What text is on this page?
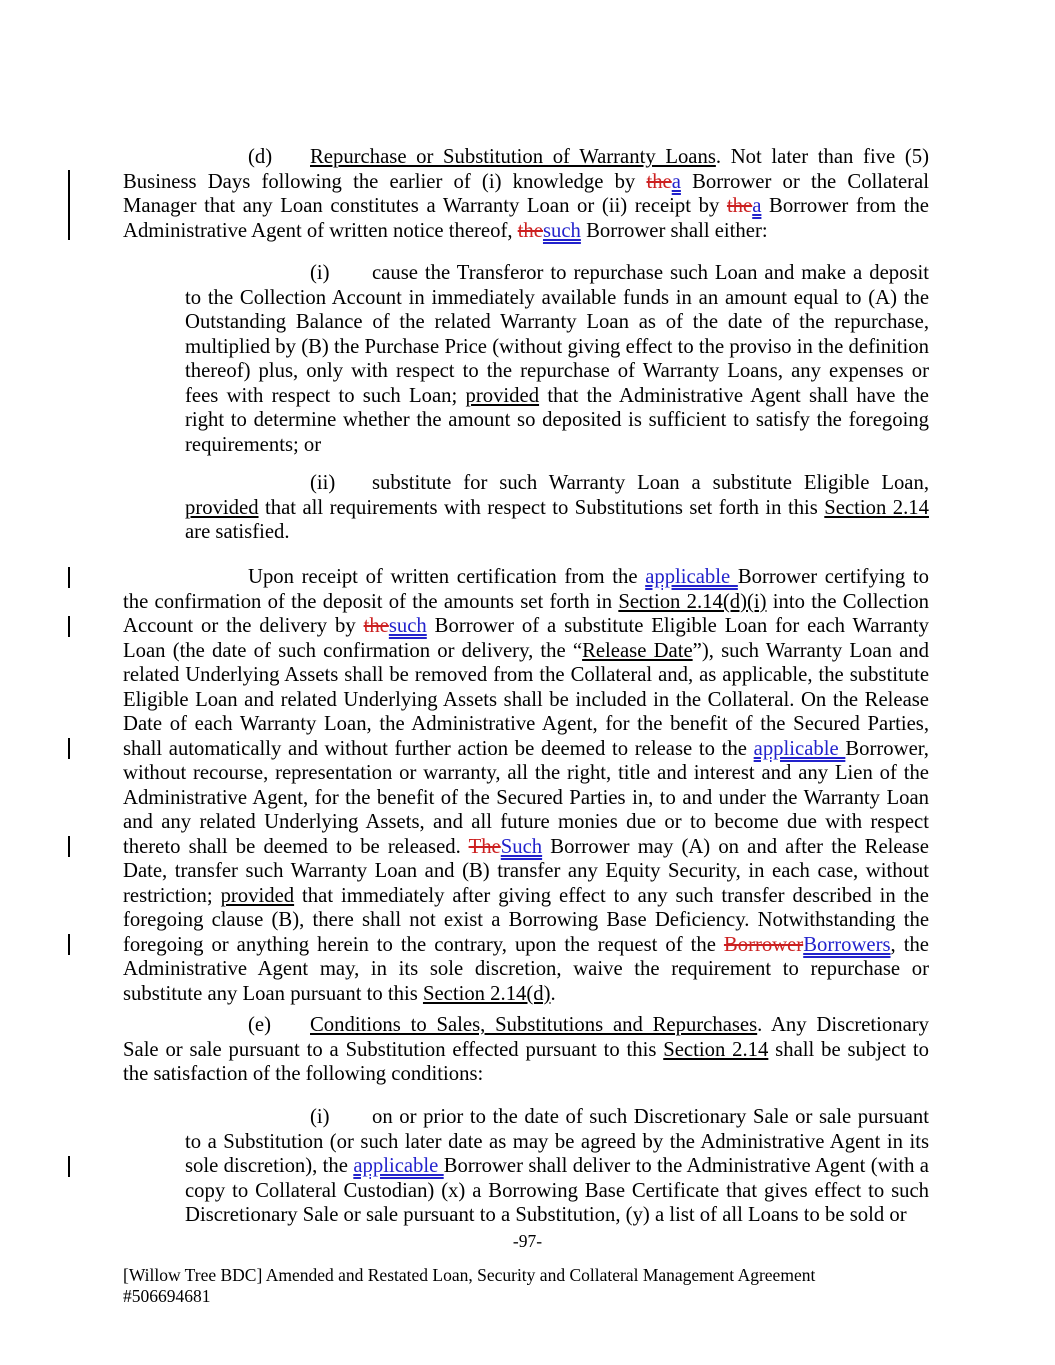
(d) Repurchase or Substitution of Warranty Loans. Not later than five (5) Business Days following the earlier of (i) knowledge by thea Borrower or the Collateral Manager that any Loan constitutes a Warranty Loan or (ii) receipt by thea Borrower from the Administrative Agent of written notice thereof, thesuch Borrower shall either:
(i) cause the Transferor to repurchase such Loan and make a deposit to the Collection Account in immediately available funds in an amount equal to (A) the Outstanding Balance of the related Warranty Loan as of the date of the repurchase, multiplied by (B) the Purchase Price (without giving effect to the proviso in the definition thereof) plus, only with respect to the repurchase of Warranty Loans, any expenses or fees with respect to such Loan; provided that the Administrative Agent shall have the right to determine whether the amount so deposited is sufficient to satisfy the foregoing requirements; or
(ii) substitute for such Warranty Loan a substitute Eligible Loan, provided that all requirements with respect to Substitutions set forth in this Section 2.14 are satisfied.
Upon receipt of written certification from the applicable Borrower certifying to the confirmation of the deposit of the amounts set forth in Section 2.14(d)(i) into the Collection Account or the delivery by thesuch Borrower of a substitute Eligible Loan for each Warranty Loan (the date of such confirmation or delivery, the “Release Date”), such Warranty Loan and related Underlying Assets shall be removed from the Collateral and, as applicable, the substitute Eligible Loan and related Underlying Assets shall be included in the Collateral. On the Release Date of each Warranty Loan, the Administrative Agent, for the benefit of the Secured Parties, shall automatically and without further action be deemed to release to the applicable Borrower, without recourse, representation or warranty, all the right, title and interest and any Lien of the Administrative Agent, for the benefit of the Secured Parties in, to and under the Warranty Loan and any related Underlying Assets, and all future monies due or to become due with respect thereto shall be deemed to be released. TheSuch Borrower may (A) on and after the Release Date, transfer such Warranty Loan and (B) transfer any Equity Security, in each case, without restriction; provided that immediately after giving effect to any such transfer described in the foregoing clause (B), there shall not exist a Borrowing Base Deficiency. Notwithstanding the foregoing or anything herein to the contrary, upon the request of the BorrowerBorrowers, the Administrative Agent may, in its sole discretion, waive the requirement to repurchase or substitute any Loan pursuant to this Section 2.14(d).
(e) Conditions to Sales, Substitutions and Repurchases. Any Discretionary Sale or sale pursuant to a Substitution effected pursuant to this Section 2.14 shall be subject to the satisfaction of the following conditions:
(i) on or prior to the date of such Discretionary Sale or sale pursuant to a Substitution (or such later date as may be agreed by the Administrative Agent in its sole discretion), the applicable Borrower shall deliver to the Administrative Agent (with a copy to Collateral Custodian) (x) a Borrowing Base Certificate that gives effect to such Discretionary Sale or sale pursuant to a Substitution, (y) a list of all Loans to be sold or
-97-
[Willow Tree BDC] Amended and Restated Loan, Security and Collateral Management Agreement
#506694681
